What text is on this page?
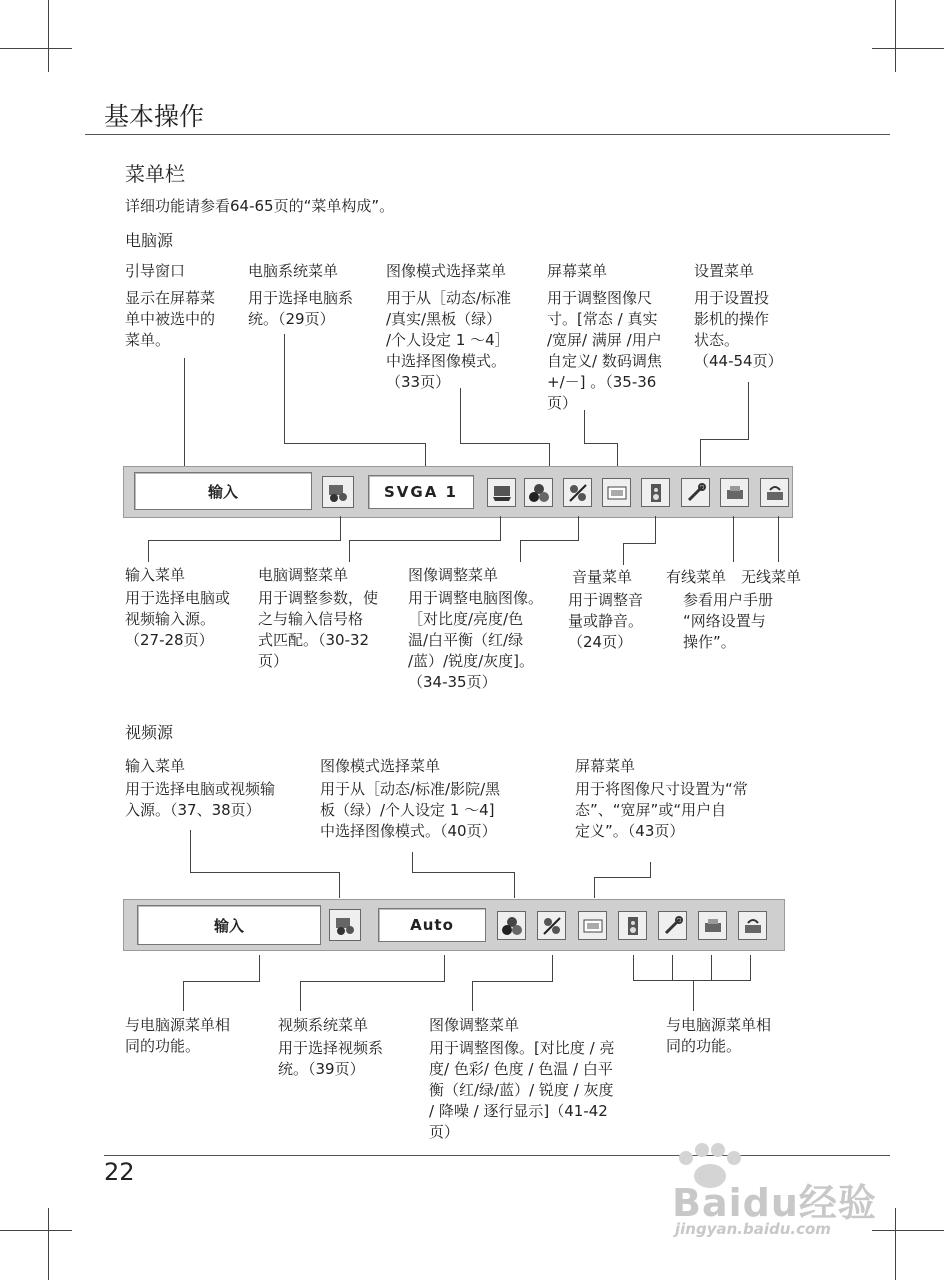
基本操作
菜单栏
详细功能请参看64-65页的“菜单构成”。
电脑源
引导窗口
显示在屏幕菜
单中被选中的
菜单。
电脑系统菜单
用于选择电脑系
统。（29页）
图像模式选择菜单
用于从［动态/标准
/真实/黑板（绿）
/个人设定 1 ～4］
中选择图像模式。
（33页）
屏幕菜单
用于调整图像尺
寸。[常态 / 真实
/宽屏/ 满屏 /用户
自定义/ 数码调焦
+/－] 。（35-36
页）
设置菜单
用于设置投
影机的操作
状态。
（44-54页）
输入	SVGA 1
输入菜单
用于选择电脑或
视频输入源。
（27-28页）
电脑调整菜单
用于调整参数，使
之与输入信号格
式匹配。（30-32
页）
图像调整菜单
用于调整电脑图像。
［对比度/亮度/色
温/白平衡（红/绿
/蓝）/锐度/灰度]。
（34-35页）
音量菜单
用于调整音
量或静音。
（24页）
有线菜单 无线菜单
参看用户手册
“网络设置与
操作”。
视频源
输入菜单
用于选择电脑或视频输
入源。（37、38页）
图像模式选择菜单
用于从［动态/标准/影院/黑
板（绿）/个人设定 1 ～4]
中选择图像模式。（40页）
屏幕菜单
用于将图像尺寸设置为“常
态”、“宽屏”或“用户自
定义”。（43页）
输入	Auto
与电脑源菜单相
同的功能。
视频系统菜单
用于选择视频系
统。（39页）
图像调整菜单
用于调整图像。[对比度 / 亮
度/ 色彩/ 色度 / 色温 / 白平
衡（红/绿/蓝）/ 锐度 / 灰度
/ 降噪 / 逐行显示]（41-42
页）
与电脑源菜单相
同的功能。
22
Baidu经验
jingyan.baidu.com
